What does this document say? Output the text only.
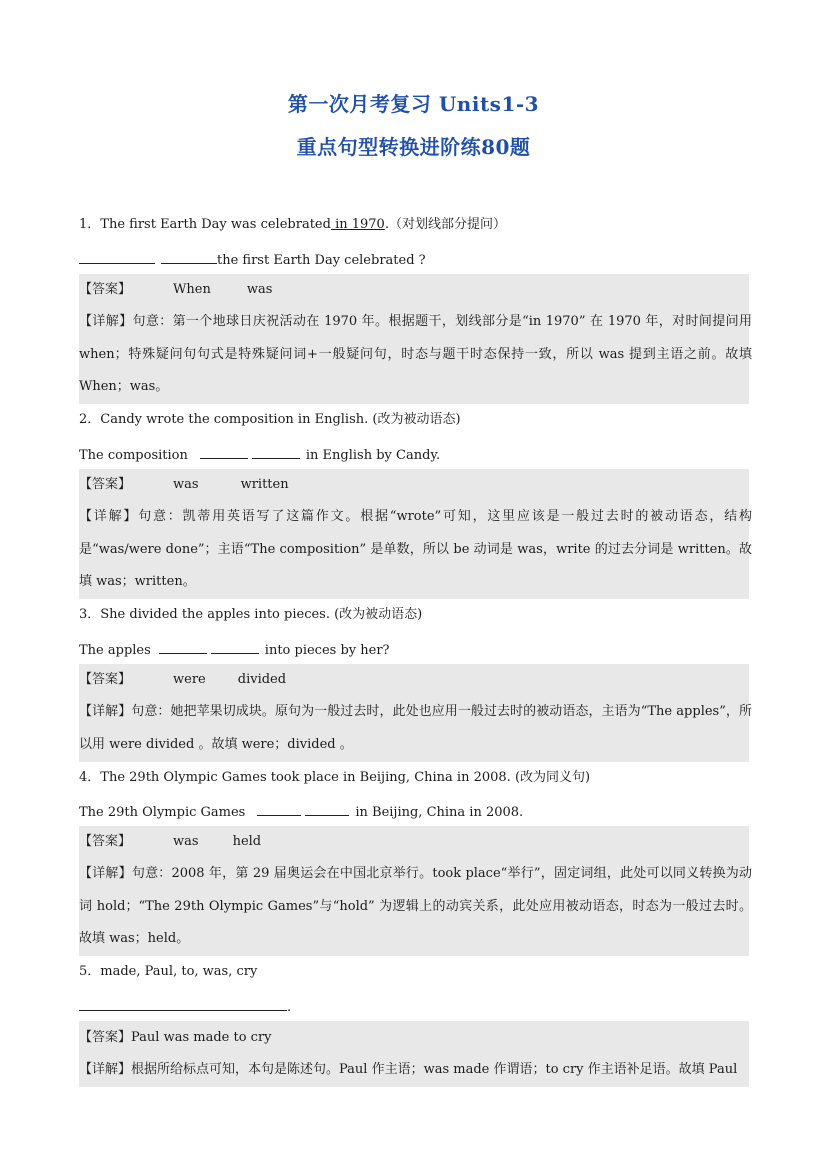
第一次月考复习 Units1-3
重点句型转换进阶练80题
1．The first Earth Day was celebrated in 1970.（对划线部分提问）
the first Earth Day celebrated ?
【答案】	When	was
【详解】句意：第一个地球日庆祝活动在 1970 年。根据题干，划线部分是“in 1970” 在 1970 年，对时间提问用 when；特殊疑问句句式是特殊疑问词+一般疑问句，时态与题干时态保持一致，所以 was 提到主语之前。故填 When；was。
2．Candy wrote the composition in English. (改为被动语态)
The composition	in English by Candy.
【答案】	was	written
【详解】句意：凯蒂用英语写了这篇作文。根据“wrote”可知，这里应该是一般过去时的被动语态，结构是“was/were done”；主语“The composition” 是单数，所以 be 动词是 was，write 的过去分词是 written。故填 was；written。
3．She divided the apples into pieces. (改为被动语态)
The apples	into pieces by her?
【答案】	were divided
【详解】句意：她把苹果切成块。原句为一般过去时，此处也应用一般过去时的被动语态，主语为“The apples”，所以用 were divided 。故填 were；divided 。
4．The 29th Olympic Games took place in Beijing, China in 2008. (改为同义句)
The 29th Olympic Games	in Beijing, China in 2008.
【答案】	was	held
【详解】句意：2008 年，第 29 届奥运会在中国北京举行。took place“举行”，固定词组，此处可以同义转换为动词 hold；“The 29th Olympic Games”与“hold” 为逻辑上的动宾关系，此处应用被动语态，时态为一般过去时。故填 was；held。
5．made, Paul, to, was, cry
.
【答案】Paul was made to cry
【详解】根据所给标点可知，本句是陈述句。Paul 作主语；was made 作谓语；to cry 作主语补足语。故填 Paul
